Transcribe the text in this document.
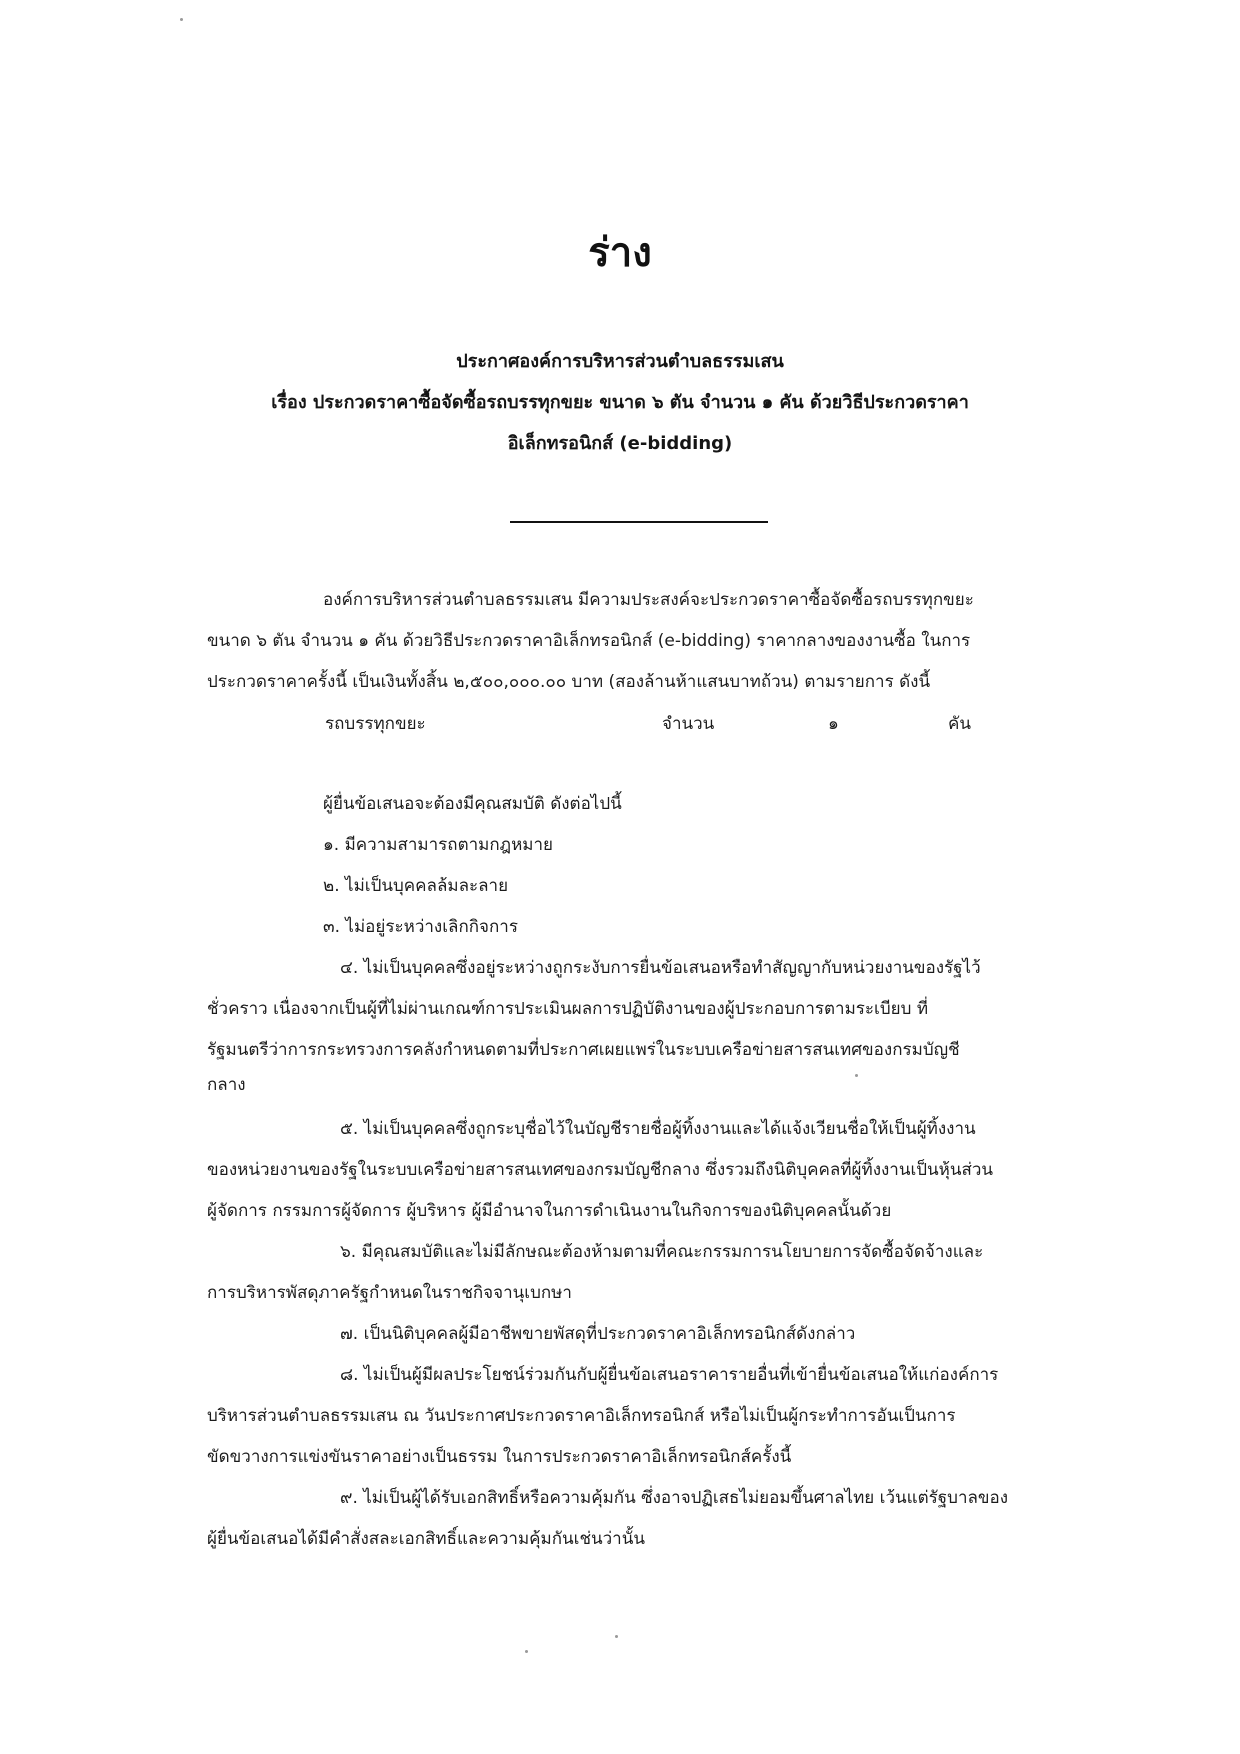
ร่าง
ประกาศองค์การบริหารส่วนตำบลธรรมเสน
เรื่อง ประกวดราคาซื้อจัดซื้อรถบรรทุกขยะ ขนาด ๖ ตัน จำนวน ๑ คัน ด้วยวิธีประกวดราคา
อิเล็กทรอนิกส์ (e-bidding)
องค์การบริหารส่วนตำบลธรรมเสน มีความประสงค์จะประกวดราคาซื้อจัดซื้อรถบรรทุกขยะ
ขนาด ๖ ตัน จำนวน ๑ คัน ด้วยวิธีประกวดราคาอิเล็กทรอนิกส์ (e-bidding) ราคากลางของงานซื้อ ในการ
ประกวดราคาครั้งนี้ เป็นเงินทั้งสิ้น ๒,๕๐๐,๐๐๐.๐๐ บาท (สองล้านห้าแสนบาทถ้วน) ตามรายการ ดังนี้
รถบรรทุกขยะ	จำนวน	๑	คัน
ผู้ยื่นข้อเสนอจะต้องมีคุณสมบัติ ดังต่อไปนี้
๑. มีความสามารถตามกฎหมาย
๒. ไม่เป็นบุคคลล้มละลาย
๓. ไม่อยู่ระหว่างเลิกกิจการ
๔. ไม่เป็นบุคคลซึ่งอยู่ระหว่างถูกระงับการยื่นข้อเสนอหรือทำสัญญากับหน่วยงานของรัฐไว้
ชั่วคราว เนื่องจากเป็นผู้ที่ไม่ผ่านเกณฑ์การประเมินผลการปฏิบัติงานของผู้ประกอบการตามระเบียบ ที่
รัฐมนตรีว่าการกระทรวงการคลังกำหนดตามที่ประกาศเผยแพร่ในระบบเครือข่ายสารสนเทศของกรมบัญชี
กลาง
๕. ไม่เป็นบุคคลซึ่งถูกระบุชื่อไว้ในบัญชีรายชื่อผู้ทิ้งงานและได้แจ้งเวียนชื่อให้เป็นผู้ทิ้งงาน
ของหน่วยงานของรัฐในระบบเครือข่ายสารสนเทศของกรมบัญชีกลาง ซึ่งรวมถึงนิติบุคคลที่ผู้ทิ้งงานเป็นหุ้นส่วน
ผู้จัดการ กรรมการผู้จัดการ ผู้บริหาร ผู้มีอำนาจในการดำเนินงานในกิจการของนิติบุคคลนั้นด้วย
๖. มีคุณสมบัติและไม่มีลักษณะต้องห้ามตามที่คณะกรรมการนโยบายการจัดซื้อจัดจ้างและ
การบริหารพัสดุภาครัฐกำหนดในราชกิจจานุเบกษา
๗. เป็นนิติบุคคลผู้มีอาชีพขายพัสดุที่ประกวดราคาอิเล็กทรอนิกส์ดังกล่าว
๘. ไม่เป็นผู้มีผลประโยชน์ร่วมกันกับผู้ยื่นข้อเสนอราคารายอื่นที่เข้ายื่นข้อเสนอให้แก่องค์การ
บริหารส่วนตำบลธรรมเสน ณ วันประกาศประกวดราคาอิเล็กทรอนิกส์ หรือไม่เป็นผู้กระทำการอันเป็นการ
ขัดขวางการแข่งขันราคาอย่างเป็นธรรม ในการประกวดราคาอิเล็กทรอนิกส์ครั้งนี้
๙. ไม่เป็นผู้ได้รับเอกสิทธิ์หรือความคุ้มกัน ซึ่งอาจปฏิเสธไม่ยอมขึ้นศาลไทย เว้นแต่รัฐบาลของ
ผู้ยื่นข้อเสนอได้มีคำสั่งสละเอกสิทธิ์และความคุ้มกันเช่นว่านั้น
